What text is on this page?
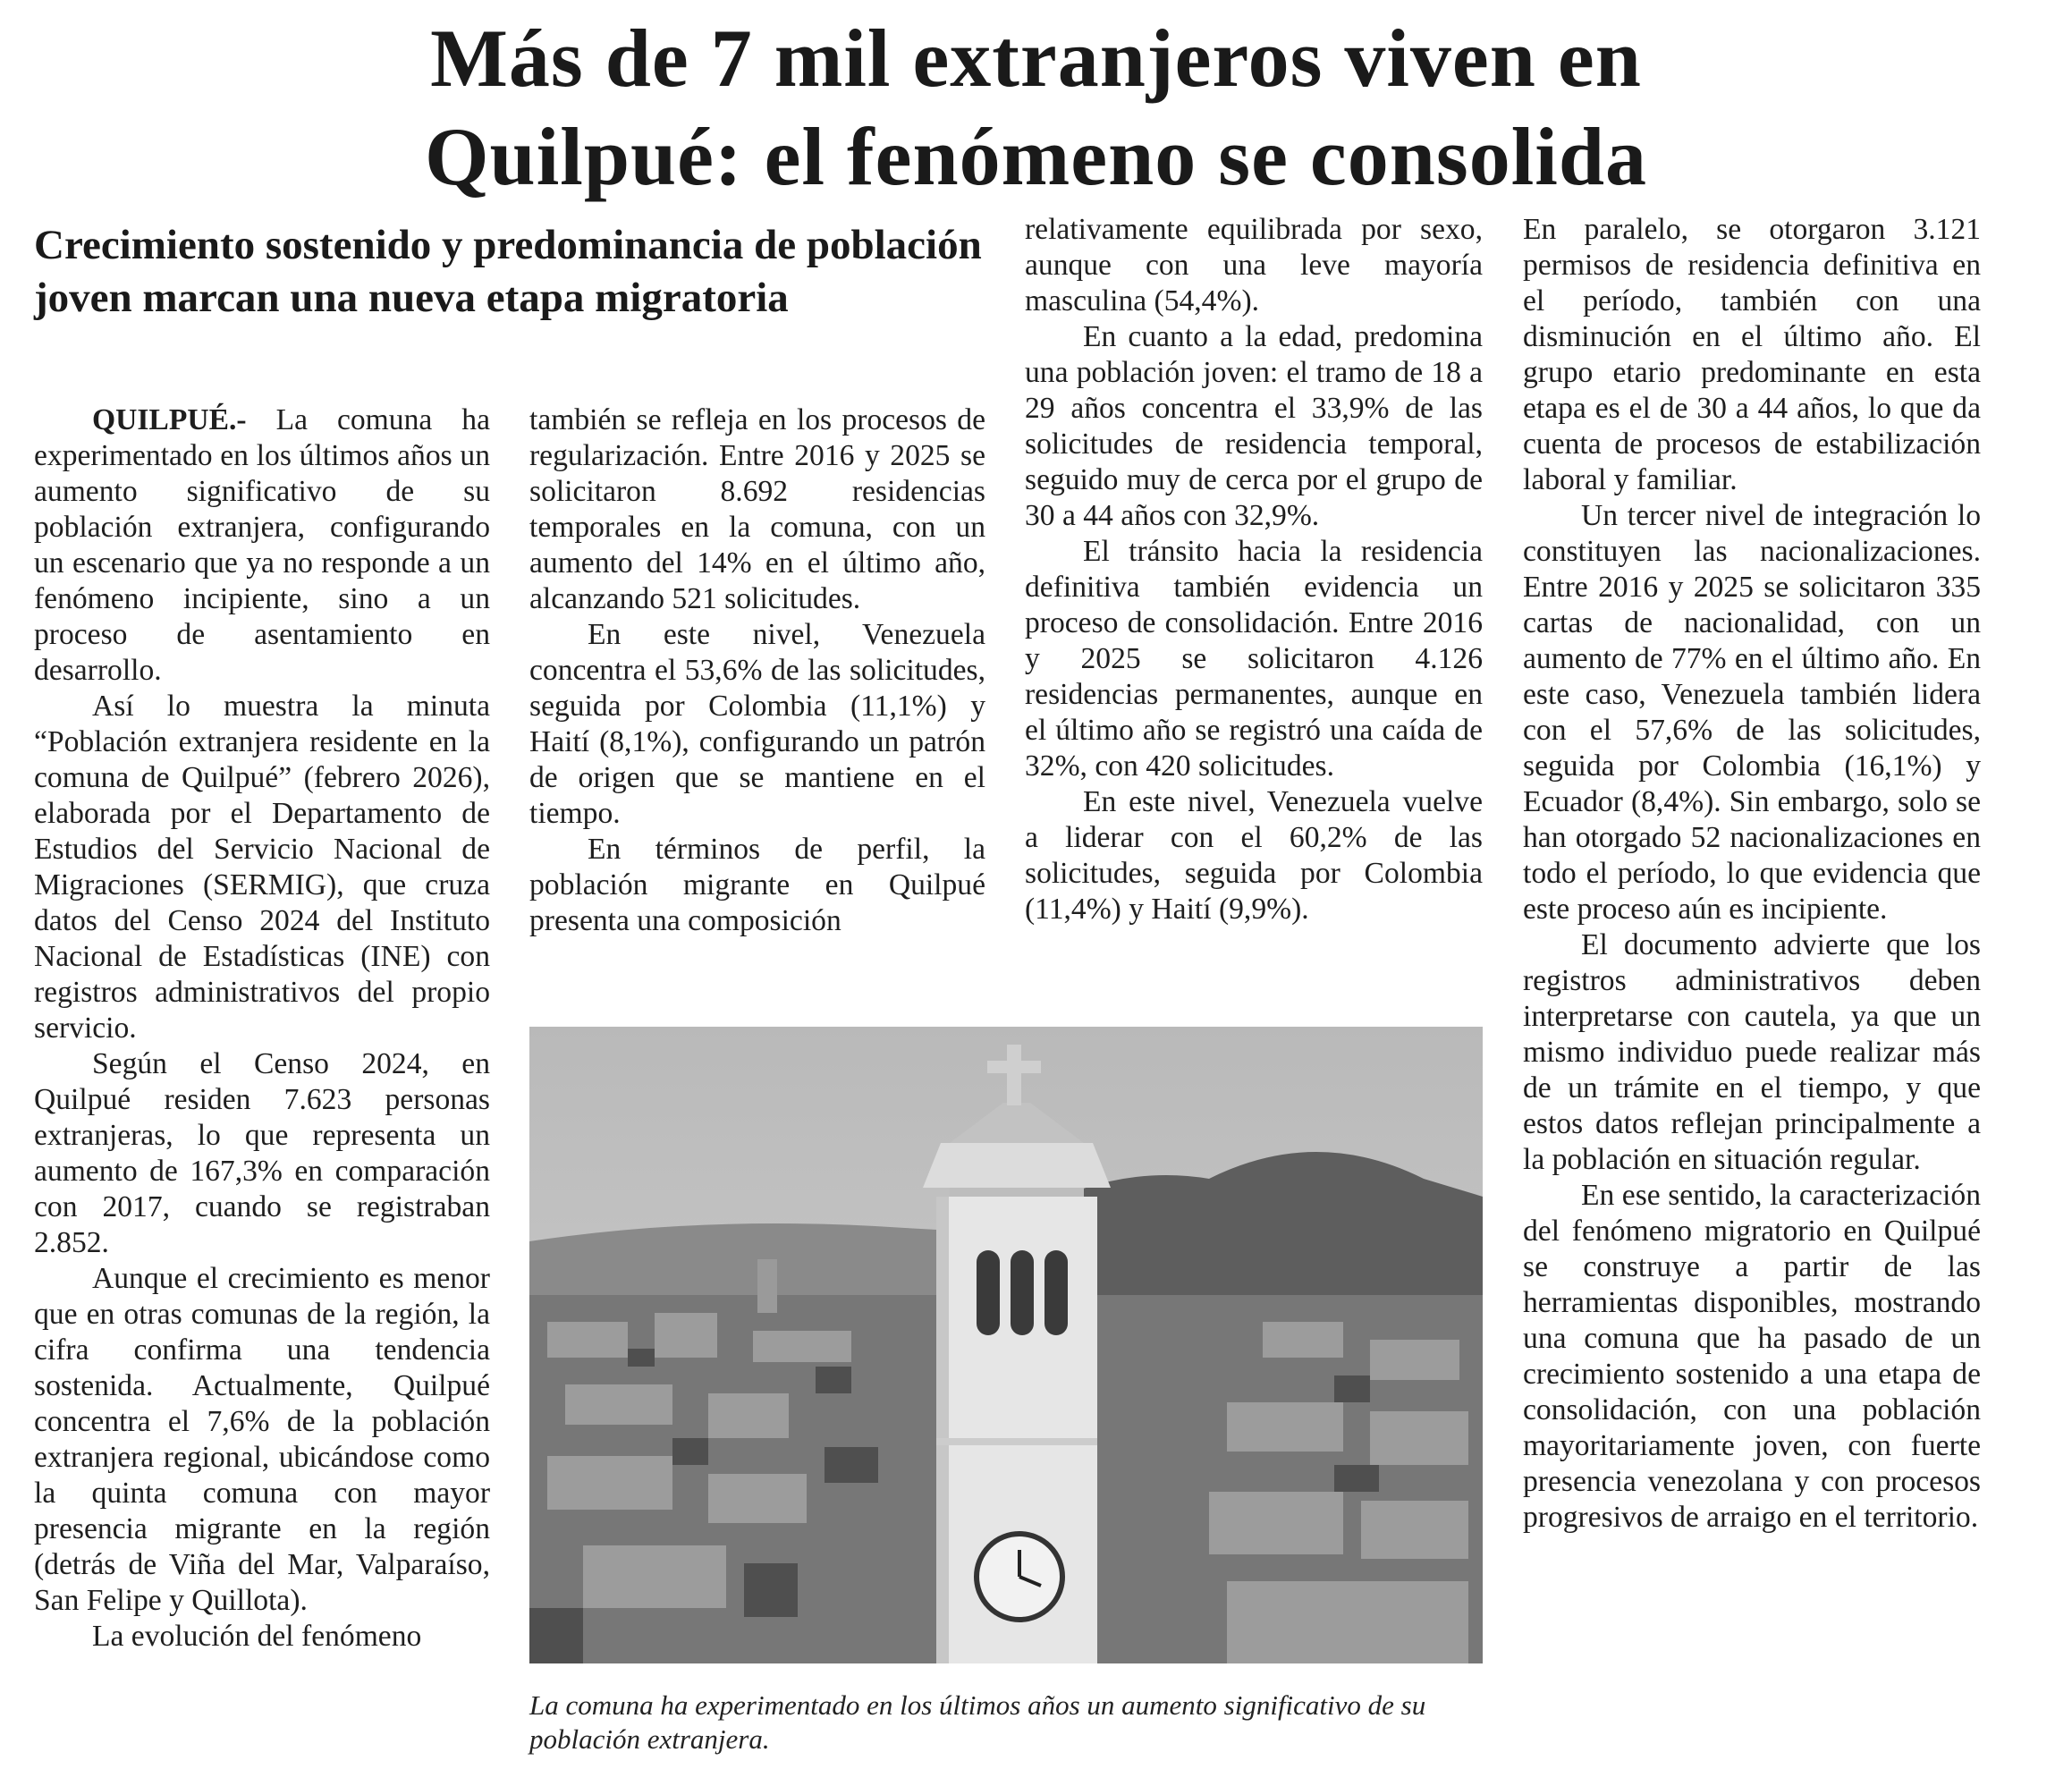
Más de 7 mil extranjeros viven en
Quilpué: el fenómeno se consolida
Crecimiento sostenido y predominancia de población joven marcan una nueva etapa migratoria

QUILPUÉ.- La comuna ha experimentado en los últimos años un aumento significativo de su población extranjera, configurando un escenario que ya no responde a un fenómeno incipiente, sino a un proceso de asentamiento en desarrollo.

Así lo muestra la minuta “Población extranjera residente en la comuna de Quilpué” (febrero 2026), elaborada por el Departamento de Estudios del Servicio Nacional de Migraciones (SERMIG), que cruza datos del Censo 2024 del Instituto Nacional de Estadísticas (INE) con registros administrativos del propio servicio.

Según el Censo 2024, en Quilpué residen 7.623 personas extranjeras, lo que representa un aumento de 167,3% en comparación con 2017, cuando se registraban 2.852.

Aunque el crecimiento es menor que en otras comunas de la región, la cifra confirma una tendencia sostenida. Actualmente, Quilpué concentra el 7,6% de la población extranjera regional, ubicándose como la quinta comuna con mayor presencia migrante en la región (detrás de Viña del Mar, Valparaíso, San Felipe y Quillota).

La evolución del fenómeno

también se refleja en los procesos de regularización. Entre 2016 y 2025 se solicitaron 8.692 residencias temporales en la comuna, con un aumento del 14% en el último año, alcanzando 521 solicitudes.

En este nivel, Venezuela concentra el 53,6% de las solicitudes, seguida por Colombia (11,1%) y Haití (8,1%), configurando un patrón de origen que se mantiene en el tiempo.

En términos de perfil, la población migrante en Quilpué presenta una composición

relativamente equilibrada por sexo, aunque con una leve mayoría masculina (54,4%).

En cuanto a la edad, predomina una población joven: el tramo de 18 a 29 años concentra el 33,9% de las solicitudes de residencia temporal, seguido muy de cerca por el grupo de 30 a 44 años con 32,9%.

El tránsito hacia la residencia definitiva también evidencia un proceso de consolidación. Entre 2016 y 2025 se solicitaron 4.126 residencias permanentes, aunque en el último año se registró una caída de 32%, con 420 solicitudes.

En este nivel, Venezuela vuelve a liderar con el 60,2% de las solicitudes, seguida por Colombia (11,4%) y Haití (9,9%).

En paralelo, se otorgaron 3.121 permisos de residencia definitiva en el período, también con una disminución en el último año. El grupo etario predominante en esta etapa es el de 30 a 44 años, lo que da cuenta de procesos de estabilización laboral y familiar.

Un tercer nivel de integración lo constituyen las nacionalizaciones. Entre 2016 y 2025 se solicitaron 335 cartas de nacionalidad, con un aumento de 77% en el último año. En este caso, Venezuela también lidera con el 57,6% de las solicitudes, seguida por Colombia (16,1%) y Ecuador (8,4%). Sin embargo, solo se han otorgado 52 nacionalizaciones en todo el período, lo que evidencia que este proceso aún es incipiente.

El documento advierte que los registros administrativos deben interpretarse con cautela, ya que un mismo individuo puede realizar más de un trámite en el tiempo, y que estos datos reflejan principalmente a la población en situación regular.

En ese sentido, la caracterización del fenómeno migratorio en Quilpué se construye a partir de las herramientas disponibles, mostrando una comuna que ha pasado de un crecimiento sostenido a una etapa de consolidación, con una población mayoritariamente joven, con fuerte presencia venezolana y con procesos progresivos de arraigo en el territorio.

La comuna ha experimentado en los últimos años un aumento significativo de su población extranjera.
